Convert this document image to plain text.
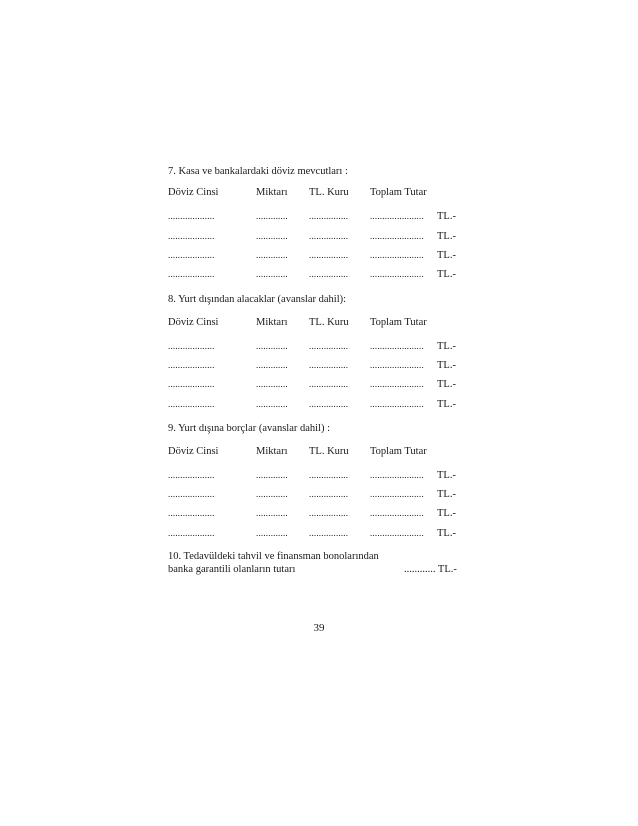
7. Kasa ve bankalardaki döviz mevcutları :
Döviz Cinsi	Miktarı TL. Kuru Toplam Tutar
...................	............. ................ ...................... TL.-
...................	............. ................ ...................... TL.-
...................	............. ................ ...................... TL.-
...................	............. ................ ...................... TL.-
8. Yurt dışından alacaklar (avanslar dahil):
Döviz Cinsi	Miktarı TL. Kuru Toplam Tutar
...................	............. ................ ...................... TL.-
...................	............. ................ ...................... TL.-
...................	............. ................ ...................... TL.-
...................	............. ................ ...................... TL.-
9. Yurt dışına borçlar (avanslar dahil) :
Döviz Cinsi	Miktarı TL. Kuru Toplam Tutar
...................	............. ................ ...................... TL.-
...................	............. ................ ...................... TL.-
...................	............. ................ ...................... TL.-
...................	............. ................ ...................... TL.-
10. Tedavüldeki tahvil ve finansman bonolarından
banka garantili olanların tutarı	............ TL.-
39
